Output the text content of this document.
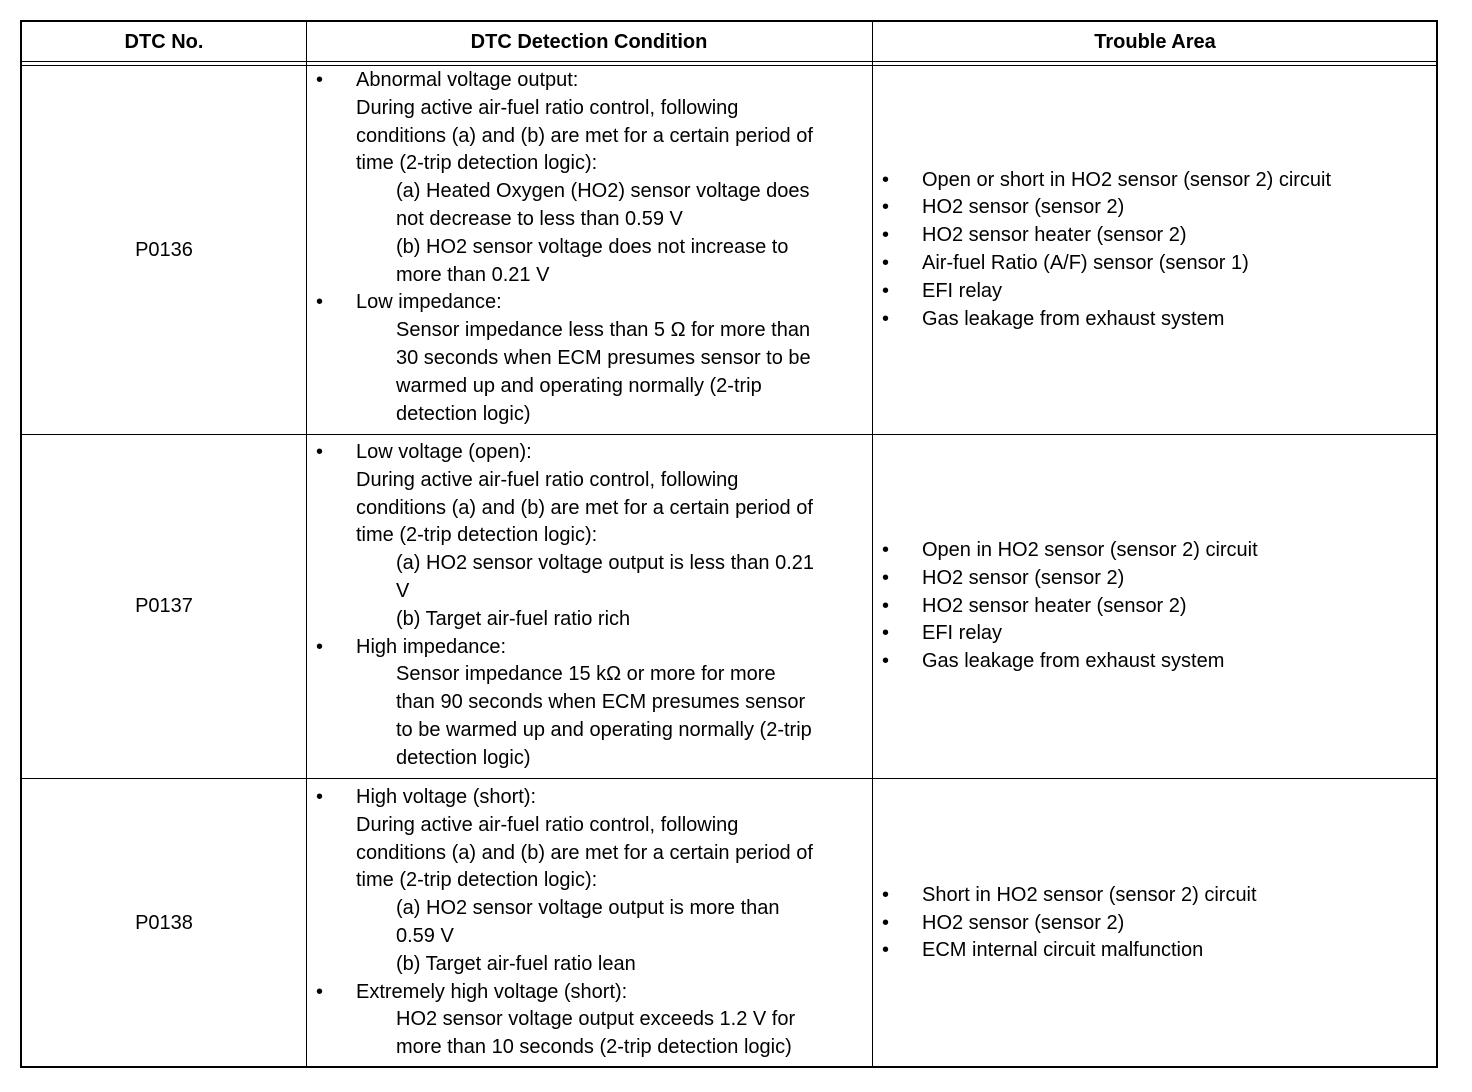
DTC No.	DTC Detection Condition	Trouble Area
P0136
• Abnormal voltage output:
During active air-fuel ratio control, following
conditions (a) and (b) are met for a certain period of
time (2-trip detection logic):
(a) Heated Oxygen (HO2) sensor voltage does
not decrease to less than 0.59 V
(b) HO2 sensor voltage does not increase to
more than 0.21 V
• Low impedance:
Sensor impedance less than 5 Ω for more than
30 seconds when ECM presumes sensor to be
warmed up and operating normally (2-trip
detection logic)
• Open or short in HO2 sensor (sensor 2) circuit
• HO2 sensor (sensor 2)
• HO2 sensor heater (sensor 2)
• Air-fuel Ratio (A/F) sensor (sensor 1)
• EFI relay
• Gas leakage from exhaust system
P0137
• Low voltage (open):
During active air-fuel ratio control, following
conditions (a) and (b) are met for a certain period of
time (2-trip detection logic):
(a) HO2 sensor voltage output is less than 0.21
V
(b) Target air-fuel ratio rich
• High impedance:
Sensor impedance 15 kΩ or more for more
than 90 seconds when ECM presumes sensor
to be warmed up and operating normally (2-trip
detection logic)
• Open in HO2 sensor (sensor 2) circuit
• HO2 sensor (sensor 2)
• HO2 sensor heater (sensor 2)
• EFI relay
• Gas leakage from exhaust system
P0138
• High voltage (short):
During active air-fuel ratio control, following
conditions (a) and (b) are met for a certain period of
time (2-trip detection logic):
(a) HO2 sensor voltage output is more than
0.59 V
(b) Target air-fuel ratio lean
• Extremely high voltage (short):
HO2 sensor voltage output exceeds 1.2 V for
more than 10 seconds (2-trip detection logic)
• Short in HO2 sensor (sensor 2) circuit
• HO2 sensor (sensor 2)
• ECM internal circuit malfunction
